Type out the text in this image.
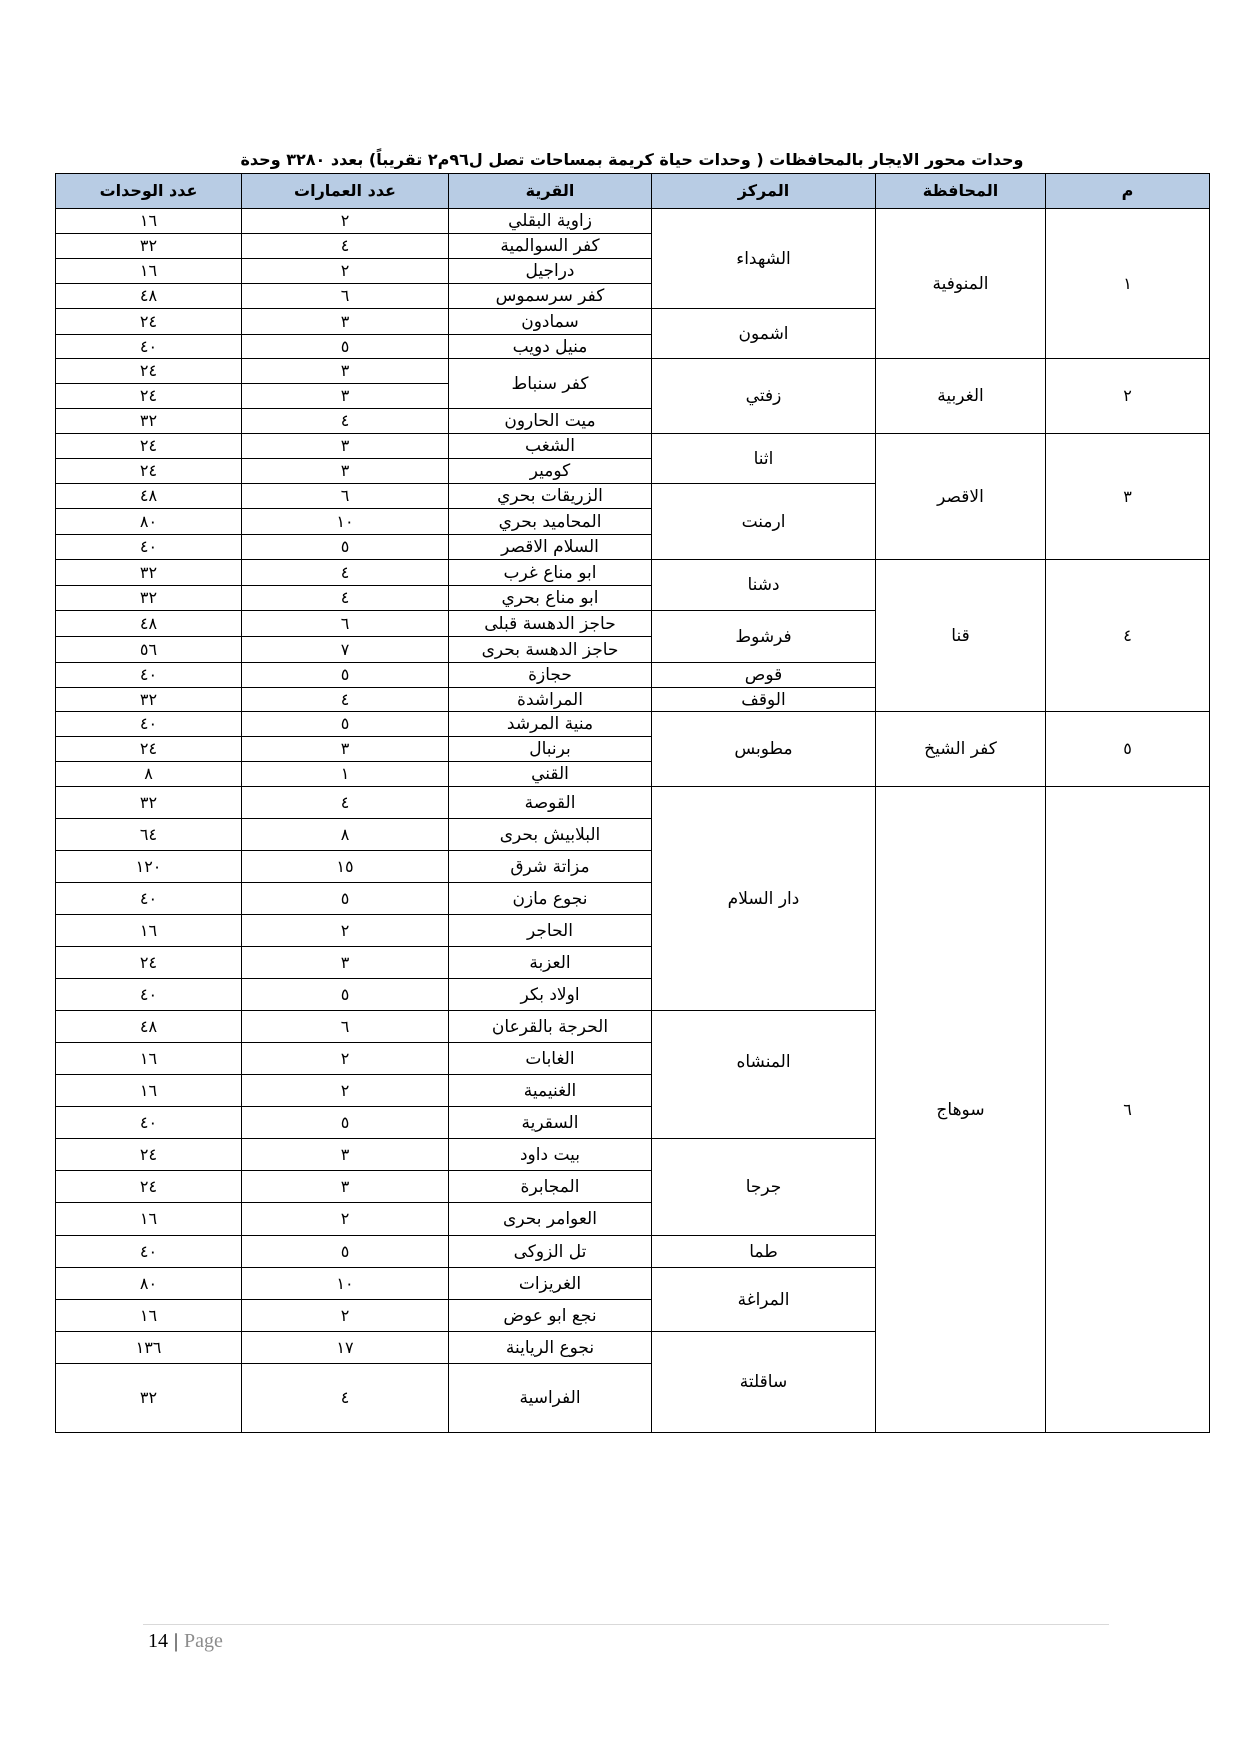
وحدات محور الايجار بالمحافظات ( وحدات حياة كريمة بمساحات تصل ل٩٦م٢ تقريباً) بعدد ٣٢٨٠ وحدة
م	المحافظة	المركز	القرية	عدد العمارات	عدد الوحدات
١	المنوفية	الشهداء	زاوية البقلي	٢	١٦
			كفر السوالمية	٤	٣٢
			دراجيل	٢	١٦
			كفر سرسموس	٦	٤٨
		اشمون	سمادون	٣	٢٤
			منيل دويب	٥	٤٠
٢	الغربية	زفتي	كفر سنباط	٣	٢٤
				٣	٢٤
			ميت الحارون	٤	٣٢
٣	الاقصر	اثنا	الشغب	٣	٢٤
			كومير	٣	٢٤
		ارمنت	الزريقات بحري	٦	٤٨
			المحاميد بحري	١٠	٨٠
			السلام الاقصر	٥	٤٠
٤	قنا	دشنا	ابو مناع غرب	٤	٣٢
			ابو مناع بحري	٤	٣٢
		فرشوط	حاجز الدهسة قبلى	٦	٤٨
			حاجز الدهسة بحرى	٧	٥٦
		قوص	حجازة	٥	٤٠
		الوقف	المراشدة	٤	٣٢
٥	كفر الشيخ	مطوبس	منية المرشد	٥	٤٠
			برنبال	٣	٢٤
			القني	١	٨
٦	سوهاج	دار السلام	القوصة	٤	٣٢
			البلابيش بحرى	٨	٦٤
			مزاتة شرق	١٥	١٢٠
			نجوع مازن	٥	٤٠
			الحاجر	٢	١٦
			العزبة	٣	٢٤
			اولاد بكر	٥	٤٠
		المنشاه	الحرجة بالقرعان	٦	٤٨
			الغابات	٢	١٦
			الغنيمية	٢	١٦
			السقرية	٥	٤٠
		جرجا	بيت داود	٣	٢٤
			المجابرة	٣	٢٤
			العوامر بحرى	٢	١٦
		طما	تل الزوكى	٥	٤٠
		المراغة	الغريزات	١٠	٨٠
			نجع ابو عوض	٢	١٦
		ساقلتة	نجوع الرياينة	١٧	١٣٦
			الفراسية	٤	٣٢
14 | Page
